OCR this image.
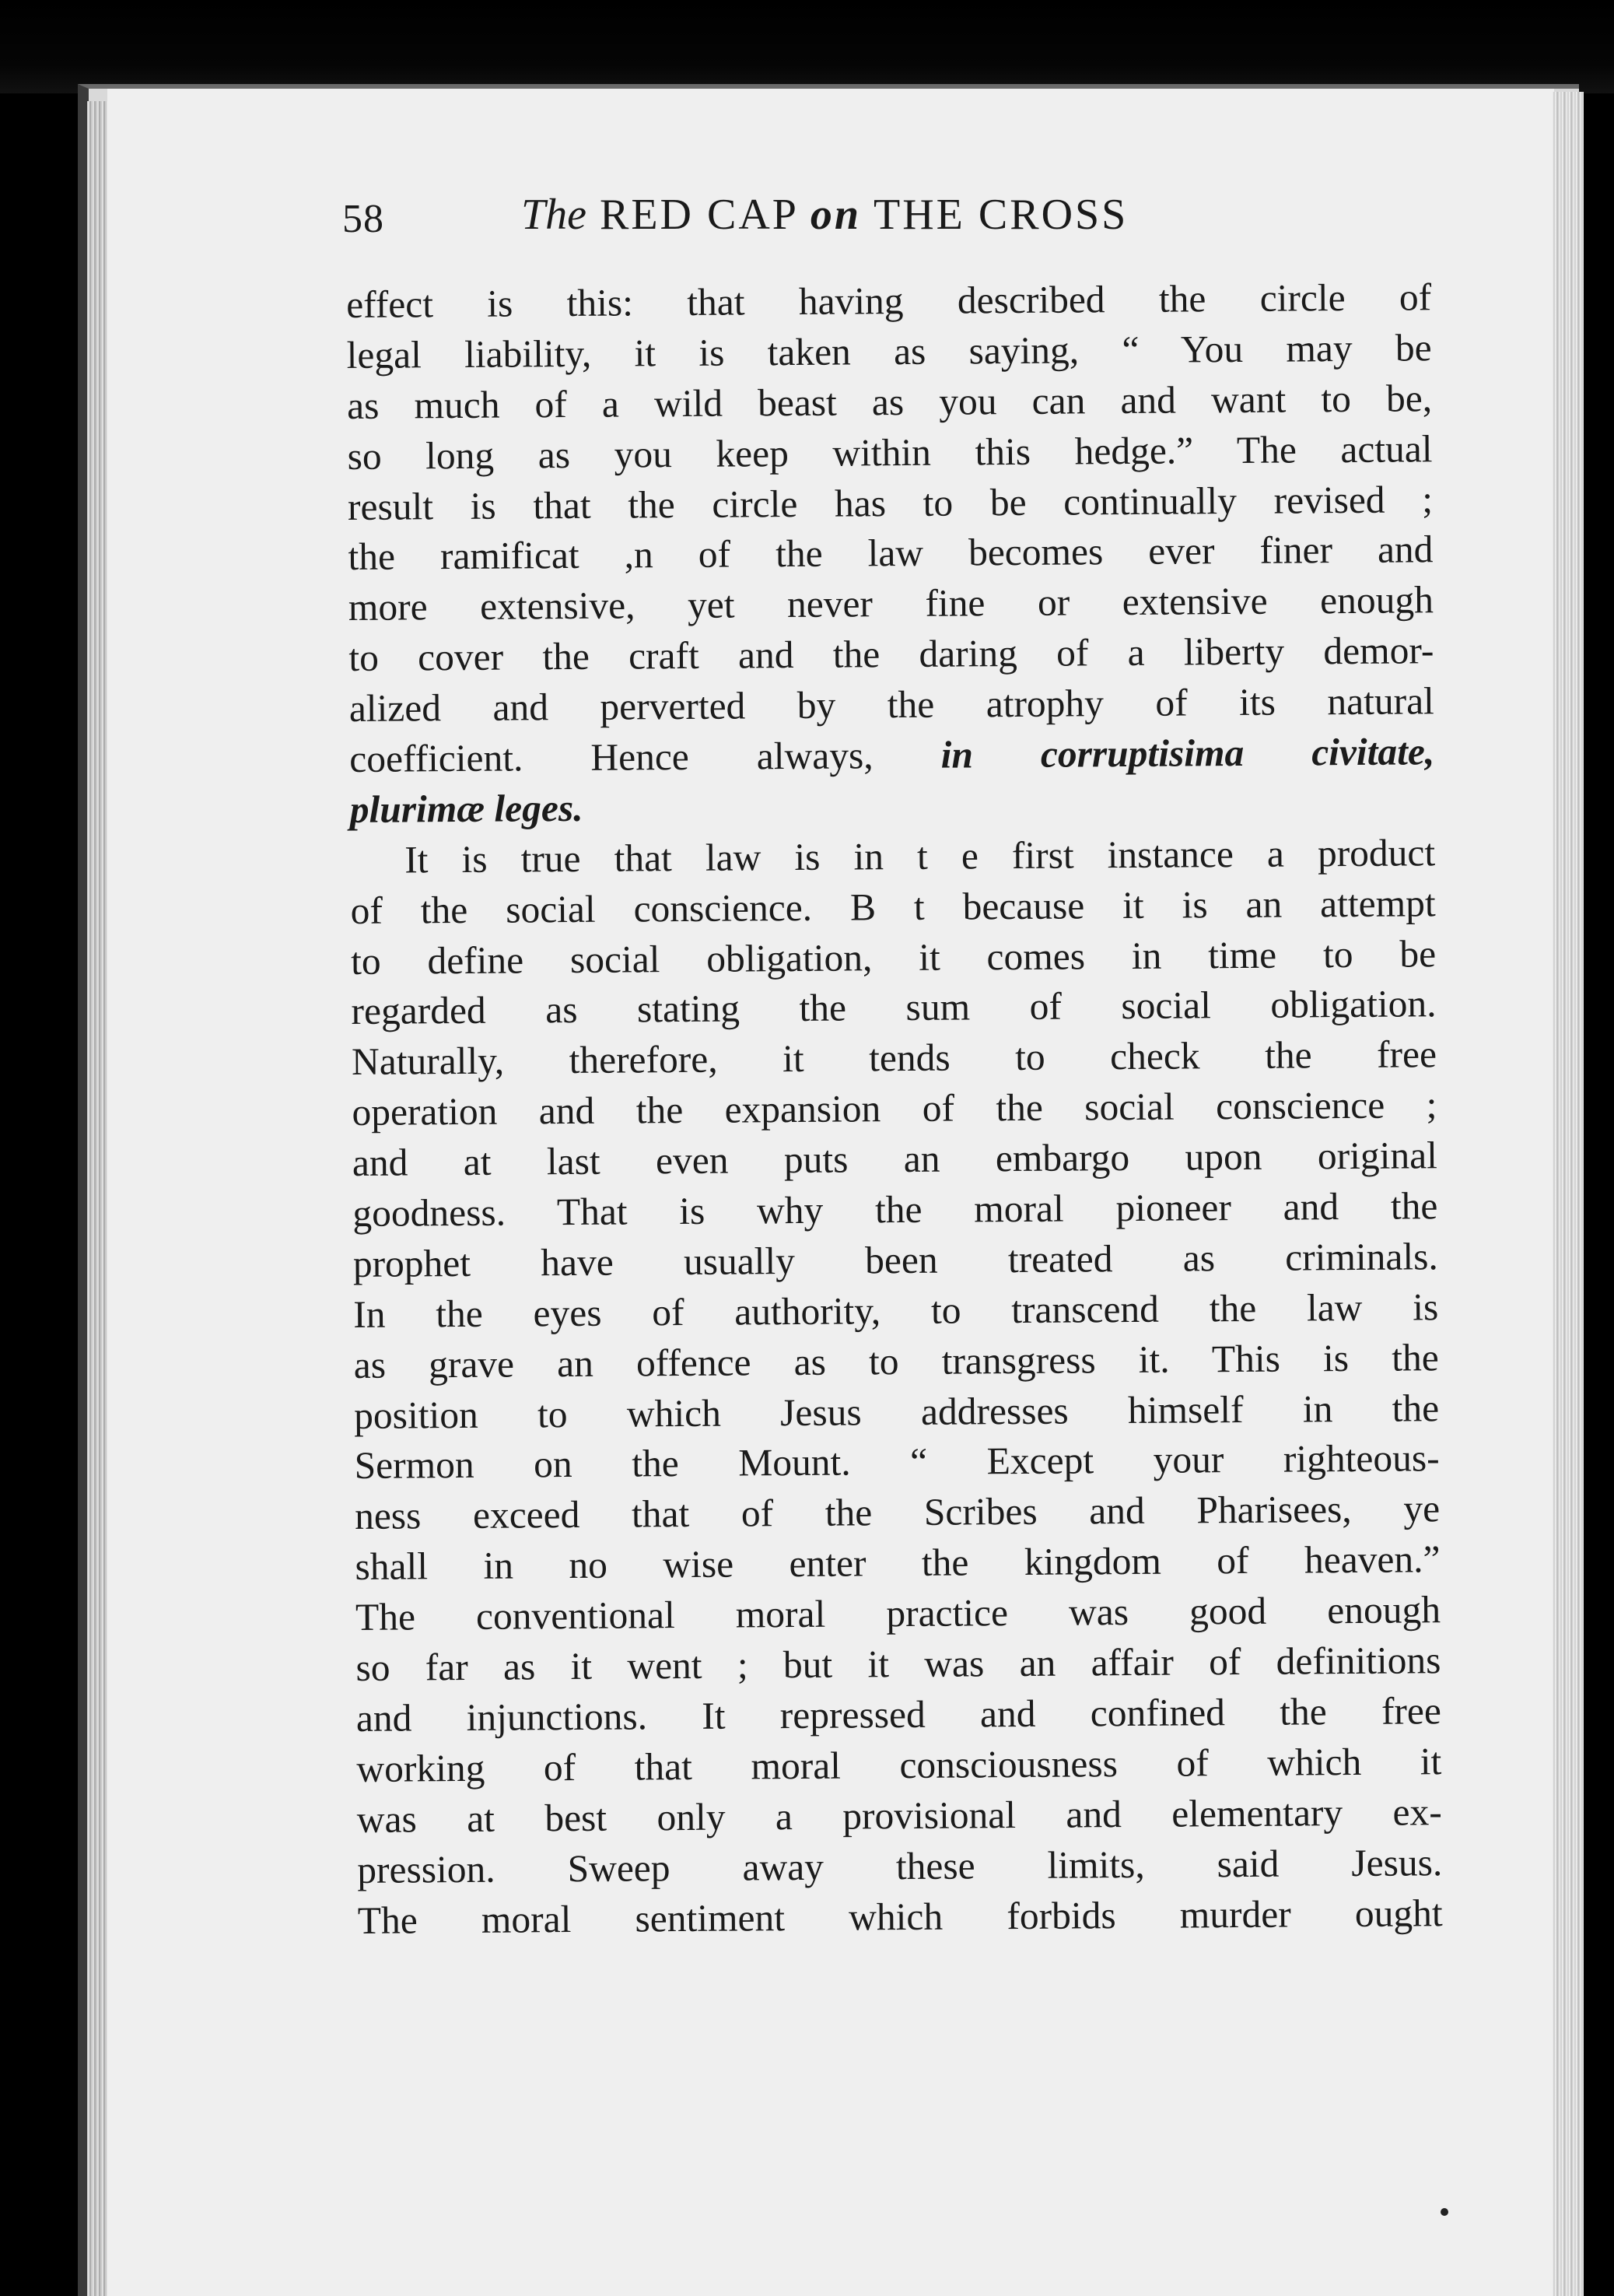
58	The RED CAP on THE CROSS
effect is this: that having described the circle of
legal liability, it is taken as saying, “ You may be
as much of a wild beast as you can and want to be,
so long as you keep within this hedge.” The actual
result is that the circle has to be continually revised ;
the ramificat ,n of the law becomes ever finer and
more extensive, yet never fine or extensive enough
to cover the craft and the daring of a liberty demor-
alized and perverted by the atrophy of its natural
coefficient. Hence always, in corruptisima civitate,
plurimæ leges.
It is true that law is in t e first instance a product
of the social conscience. B t because it is an attempt
to define social obligation, it comes in time to be
regarded as stating the sum of social obligation.
Naturally, therefore, it tends to check the free
operation and the expansion of the social conscience ;
and at last even puts an embargo upon original
goodness. That is why the moral pioneer and the
prophet have usually been treated as criminals.
In the eyes of authority, to transcend the law is
as grave an offence as to transgress it. This is the
position to which Jesus addresses himself in the
Sermon on the Mount. “ Except your righteous-
ness exceed that of the Scribes and Pharisees, ye
shall in no wise enter the kingdom of heaven.”
The conventional moral practice was good enough
so far as it went ; but it was an affair of definitions
and injunctions. It repressed and confined the free
working of that moral consciousness of which it
was at best only a provisional and elementary ex-
pression. Sweep away these limits, said Jesus.
The moral sentiment which forbids murder ought
